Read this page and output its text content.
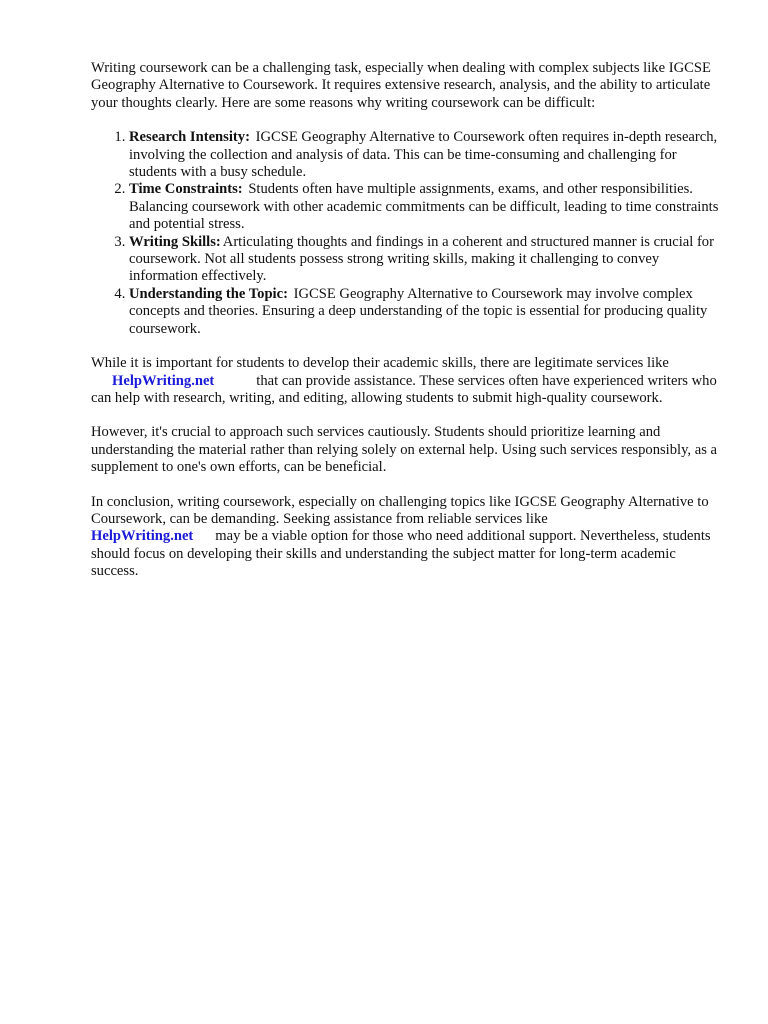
Writing coursework can be a challenging task, especially when dealing with complex subjects like IGCSE Geography Alternative to Coursework. It requires extensive research, analysis, and the ability to articulate your thoughts clearly. Here are some reasons why writing coursework can be difficult:

1. Research Intensity: IGCSE Geography Alternative to Coursework often requires in-depth research, involving the collection and analysis of data. This can be time-consuming and challenging for students with a busy schedule.
2. Time Constraints: Students often have multiple assignments, exams, and other responsibilities. Balancing coursework with other academic commitments can be difficult, leading to time constraints and potential stress.
3. Writing Skills: Articulating thoughts and findings in a coherent and structured manner is crucial for coursework. Not all students possess strong writing skills, making it challenging to convey information effectively.
4. Understanding the Topic: IGCSE Geography Alternative to Coursework may involve complex concepts and theories. Ensuring a deep understanding of the topic is essential for producing quality coursework.

While it is important for students to develop their academic skills, there are legitimate services like
HelpWriting.net	that can provide assistance. These services often have experienced writers who can help with research, writing, and editing, allowing students to submit high-quality coursework.

However, it's crucial to approach such services cautiously. Students should prioritize learning and understanding the material rather than relying solely on external help. Using such services responsibly, as a supplement to one's own efforts, can be beneficial.

In conclusion, writing coursework, especially on challenging topics like IGCSE Geography Alternative to Coursework, can be demanding. Seeking assistance from reliable services like
HelpWriting.net may be a viable option for those who need additional support. Nevertheless, students should focus on developing their skills and understanding the subject matter for long-term academic success.
